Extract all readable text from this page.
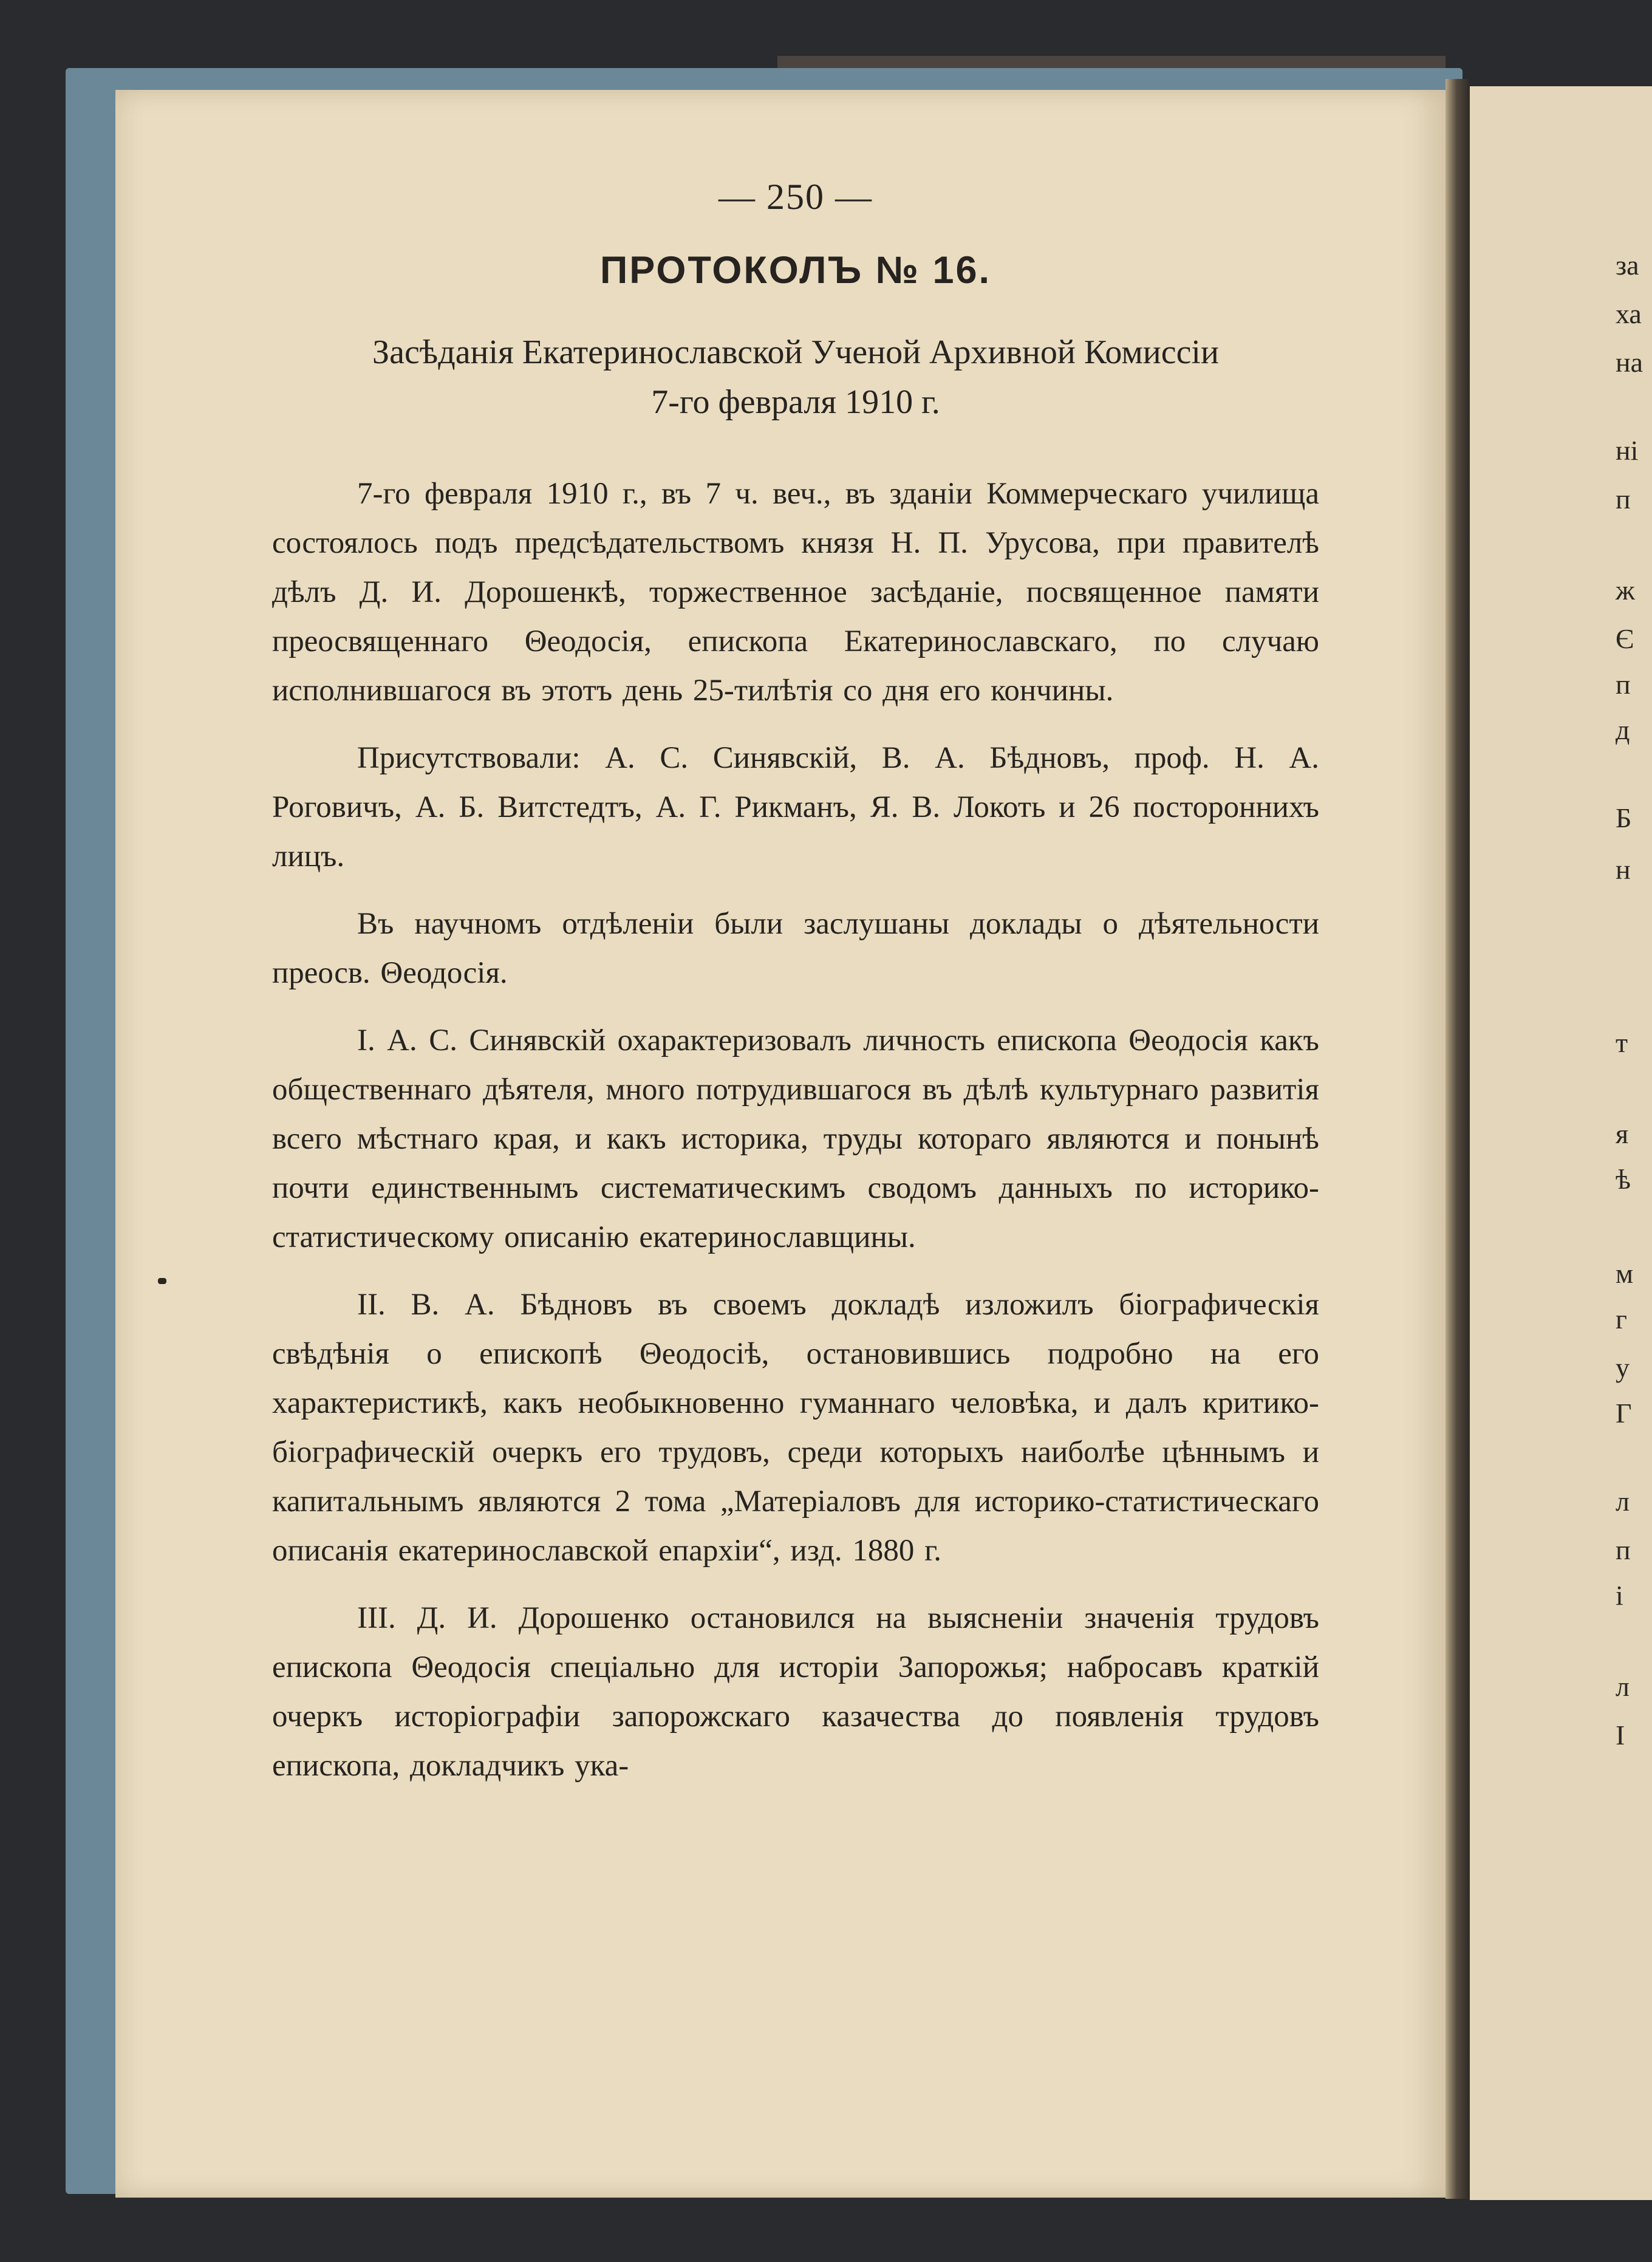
— 250 —
ПРОТОКОЛЪ № 16.
Засѣданія Екатеринославской Ученой Архивной Комиссіи
7-го февраля 1910 г.

7-го февраля 1910 г., въ 7 ч. веч., въ зданіи Коммерческаго училища состоялось подъ предсѣдательствомъ князя Н. П. Урусова, при правителѣ дѣлъ Д. И. Дорошенкѣ, торжественное засѣданіе, посвященное памяти преосвященнаго Θеодосія, епископа Екатеринославскаго, по случаю исполнившагося въ этотъ день 25-тилѣтія со дня его кончины.

Присутствовали: А. С. Синявскій, В. А. Бѣдновъ, проф. Н. А. Роговичъ, А. Б. Витстедтъ, А. Г. Рикманъ, Я. В. Локоть и 26 постороннихъ лицъ.

Въ научномъ отдѣленіи были заслушаны доклады о дѣятельности преосв. Θеодосія.

I. А. С. Синявскій охарактеризовалъ личность епископа Θеодосія какъ общественнаго дѣятеля, много потрудившагося въ дѣлѣ культурнаго развитія всего мѣстнаго края, и какъ историка, труды котораго являются и понынѣ почти единственнымъ систематическимъ сводомъ данныхъ по историко-статистическому описанію екатеринославщины.

II. В. А. Бѣдновъ въ своемъ докладѣ изложилъ біографическія свѣдѣнія о епископѣ Θеодосіѣ, остановившись подробно на его характеристикѣ, какъ необыкновенно гуманнаго человѣка, и далъ критико-біографическій очеркъ его трудовъ, среди которыхъ наиболѣе цѣннымъ и капитальнымъ являются 2 тома „Матеріаловъ для историко-статистическаго описанія екатеринославской епархіи“, изд. 1880 г.

III. Д. И. Дорошенко остановился на выясненіи значенія трудовъ епископа Θеодосія спеціально для исторіи Запорожья; набросавъ краткій очеркъ исторіографіи запорожскаго казачества до появленія трудовъ епископа, докладчикъ ука-

за
ха
на
ні
п
ж
Є
п
д
Б
н
т
я
ѣ
м
г
у
Г
л
п
і
л
І
